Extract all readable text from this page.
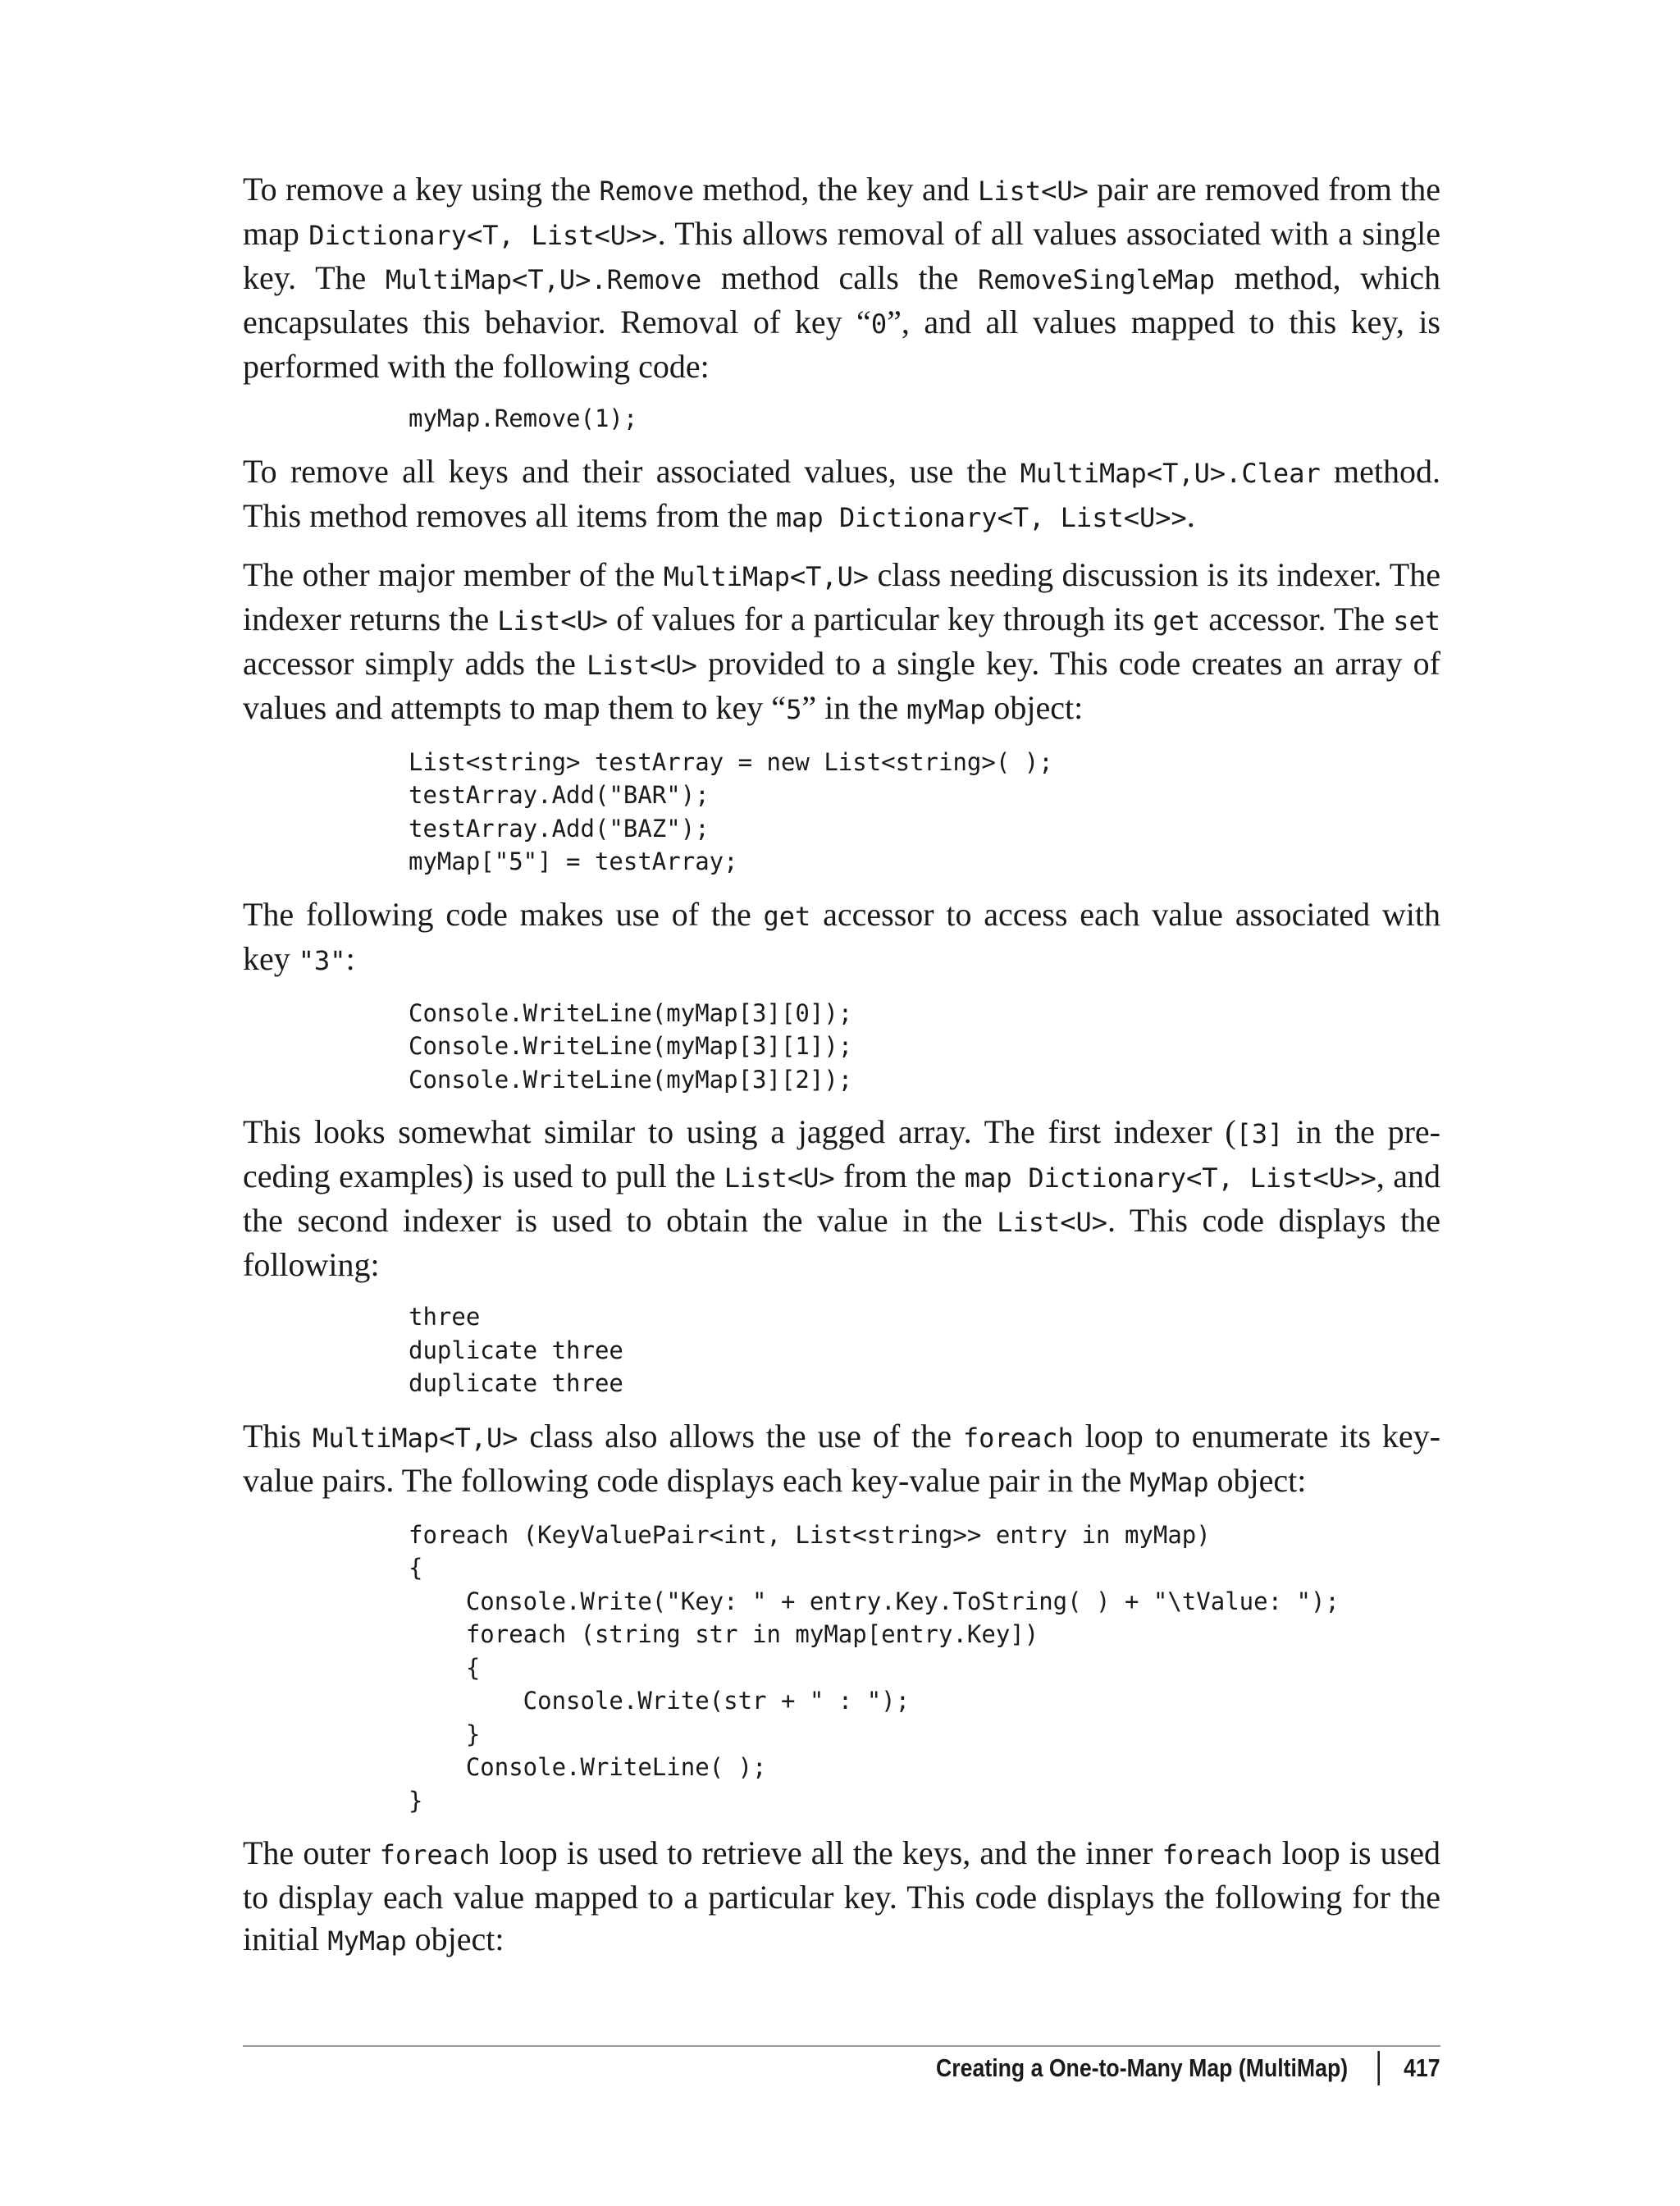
To remove a key using the Remove method, the key and List<U> pair are removed from the map Dictionary<T, List<U>>. This allows removal of all values associated with a single key. The MultiMap<T,U>.Remove method calls the RemoveSingleMap method, which encapsulates this behavior. Removal of key “0”, and all values mapped to this key, is performed with the following code:

myMap.Remove(1);

To remove all keys and their associated values, use the MultiMap<T,U>.Clear method. This method removes all items from the map Dictionary<T, List<U>>.

The other major member of the MultiMap<T,U> class needing discussion is its indexer. The indexer returns the List<U> of values for a particular key through its get accessor. The set accessor simply adds the List<U> provided to a single key. This code creates an array of values and attempts to map them to key “5” in the myMap object:

List<string> testArray = new List<string>( );
testArray.Add("BAR");
testArray.Add("BAZ");
myMap["5"] = testArray;

The following code makes use of the get accessor to access each value associated with key "3":

Console.WriteLine(myMap[3][0]);
Console.WriteLine(myMap[3][1]);
Console.WriteLine(myMap[3][2]);

This looks somewhat similar to using a jagged array. The first indexer ([3] in the preceding examples) is used to pull the List<U> from the map Dictionary<T, List<U>>, and the second indexer is used to obtain the value in the List<U>. This code displays the following:

three
duplicate three
duplicate three

This MultiMap<T,U> class also allows the use of the foreach loop to enumerate its key-value pairs. The following code displays each key-value pair in the MyMap object:

foreach (KeyValuePair<int, List<string>> entry in myMap)
{
Console.Write("Key: " + entry.Key.ToString( ) + "\tValue: ");
foreach (string str in myMap[entry.Key])
{
Console.Write(str + " : ");
}
Console.WriteLine( );
}

The outer foreach loop is used to retrieve all the keys, and the inner foreach loop is used to display each value mapped to a particular key. This code displays the following for the initial MyMap object:

Creating a One-to-Many Map (MultiMap) 417
